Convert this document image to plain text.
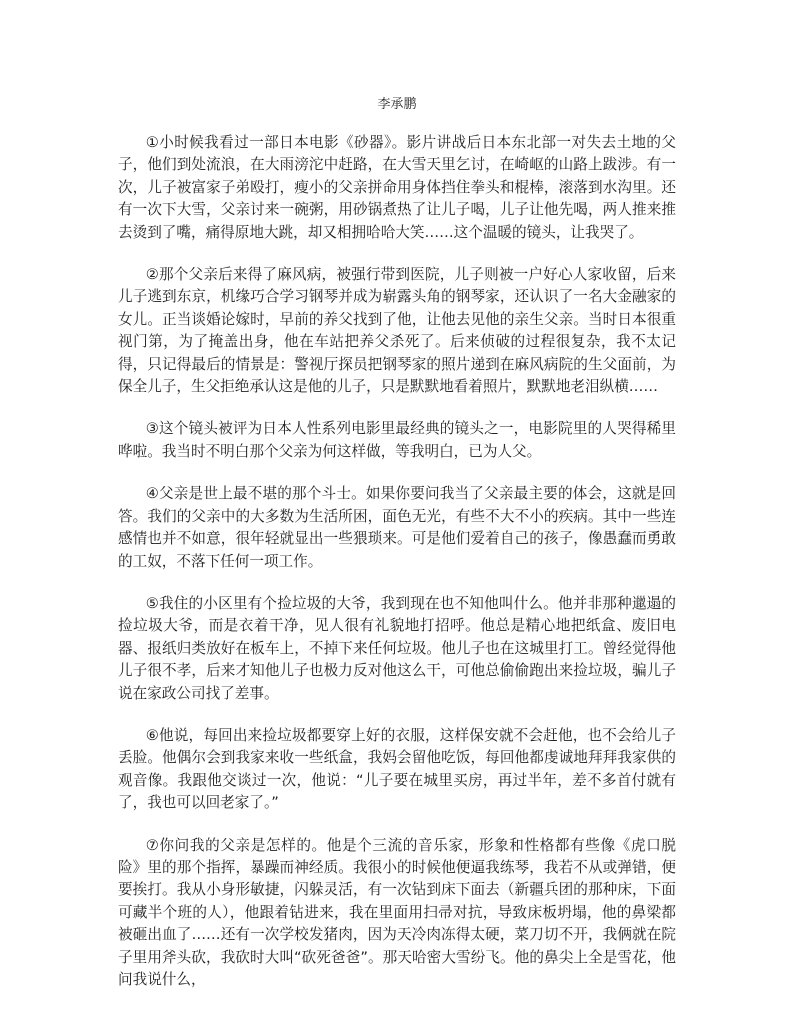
李承鹏

①小时候我看过一部日本电影《砂器》。影片讲战后日本东北部一对失去土地的父子，他们到处流浪，在大雨滂沱中赶路，在大雪天里乞讨，在崎岖的山路上跋涉。有一次，儿子被富家子弟殴打，瘦小的父亲拼命用身体挡住拳头和棍棒，滚落到水沟里。还有一次下大雪，父亲讨来一碗粥，用砂锅煮热了让儿子喝，儿子让他先喝，两人推来推去烫到了嘴，痛得原地大跳，却又相拥哈哈大笑……这个温暖的镜头，让我哭了。

②那个父亲后来得了麻风病，被强行带到医院，儿子则被一户好心人家收留，后来儿子逃到东京，机缘巧合学习钢琴并成为崭露头角的钢琴家，还认识了一名大金融家的女儿。正当谈婚论嫁时，早前的养父找到了他，让他去见他的亲生父亲。当时日本很重视门第，为了掩盖出身，他在车站把养父杀死了。后来侦破的过程很复杂，我不太记得，只记得最后的情景是：警视厅探员把钢琴家的照片递到在麻风病院的生父面前，为保全儿子，生父拒绝承认这是他的儿子，只是默默地看着照片，默默地老泪纵横……

③这个镜头被评为日本人性系列电影里最经典的镜头之一，电影院里的人哭得稀里哗啦。我当时不明白那个父亲为何这样做，等我明白，已为人父。

④父亲是世上最不堪的那个斗士。如果你要问我当了父亲最主要的体会，这就是回答。我们的父亲中的大多数为生活所困，面色无光，有些不大不小的疾病。其中一些连感情也并不如意，很年轻就显出一些猥琐来。可是他们爱着自己的孩子，像愚蠢而勇敢的工奴，不落下任何一项工作。

⑤我住的小区里有个捡垃圾的大爷，我到现在也不知他叫什么。他并非那种邋遢的捡垃圾大爷，而是衣着干净，见人很有礼貌地打招呼。他总是精心地把纸盒、废旧电器、报纸归类放好在板车上，不掉下来任何垃圾。他儿子也在这城里打工。曾经觉得他儿子很不孝，后来才知他儿子也极力反对他这么干，可他总偷偷跑出来捡垃圾，骗儿子说在家政公司找了差事。

⑥他说，每回出来捡垃圾都要穿上好的衣服，这样保安就不会赶他，也不会给儿子丢脸。他偶尔会到我家来收一些纸盒，我妈会留他吃饭，每回他都虔诚地拜拜我家供的观音像。我跟他交谈过一次，他说：“儿子要在城里买房，再过半年，差不多首付就有了，我也可以回老家了。”

⑦你问我的父亲是怎样的。他是个三流的音乐家，形象和性格都有些像《虎口脱险》里的那个指挥，暴躁而神经质。我很小的时候他便逼我练琴，我若不从或弹错，便要挨打。我从小身形敏捷，闪躲灵活，有一次钻到床下面去（新疆兵团的那种床，下面可藏半个班的人），他跟着钻进来，我在里面用扫帚对抗，导致床板坍塌，他的鼻梁都被砸出血了……还有一次学校发猪肉，因为天冷肉冻得太硬，菜刀切不开，我俩就在院子里用斧头砍，我砍时大叫“砍死爸爸”。那天哈密大雪纷飞。他的鼻尖上全是雪花，他问我说什么，
